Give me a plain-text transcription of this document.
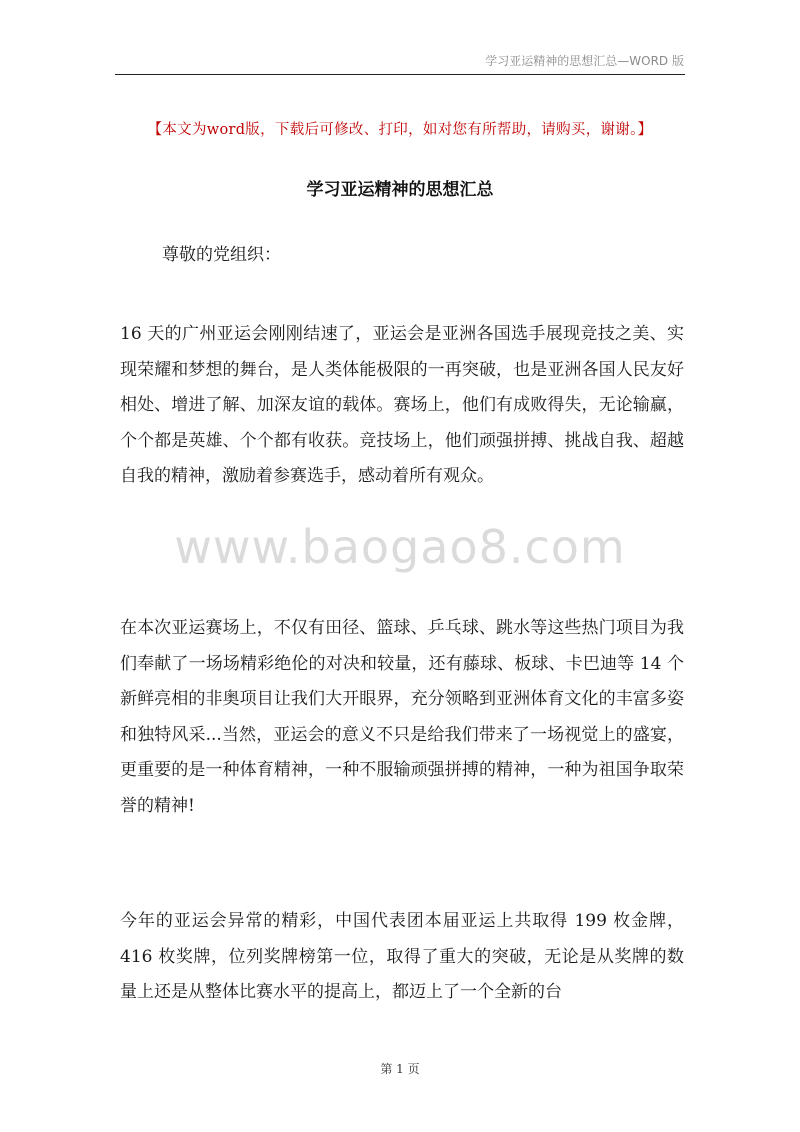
学习亚运精神的思想汇总—WORD 版
【本文为word版，下载后可修改、打印，如对您有所帮助，请购买，谢谢。】
学习亚运精神的思想汇总
尊敬的党组织：

16 天的广州亚运会刚刚结速了，亚运会是亚洲各国选手展现竞技之美、实现荣耀和梦想的舞台，是人类体能极限的一再突破，也是亚洲各国人民友好相处、增进了解、加深友谊的载体。赛场上，他们有成败得失，无论输赢，个个都是英雄、个个都有收获。竞技场上，他们顽强拼搏、挑战自我、超越自我的精神，激励着参赛选手，感动着所有观众。

在本次亚运赛场上，不仅有田径、篮球、乒乓球、跳水等这些热门项目为我们奉献了一场场精彩绝伦的对决和较量，还有藤球、板球、卡巴迪等 14 个新鲜亮相的非奥项目让我们大开眼界，充分领略到亚洲体育文化的丰富多姿和独特风采...当然，亚运会的意义不只是给我们带来了一场视觉上的盛宴，更重要的是一种体育精神，一种不服输顽强拼搏的精神，一种为祖国争取荣誉的精神!

今年的亚运会异常的精彩，中国代表团本届亚运上共取得 199 枚金牌，416 枚奖牌，位列奖牌榜第一位，取得了重大的突破，无论是从奖牌的数量上还是从整体比赛水平的提高上，都迈上了一个全新的台

www.baogao8.com
第 1 页
